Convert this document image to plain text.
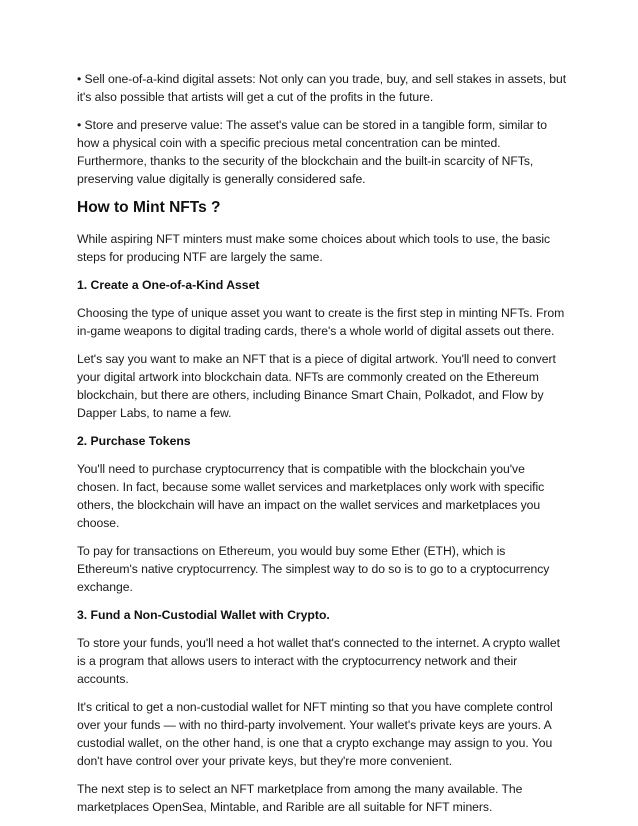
• Sell one-of-a-kind digital assets: Not only can you trade, buy, and sell stakes in assets, but it's also possible that artists will get a cut of the profits in the future.

• Store and preserve value: The asset's value can be stored in a tangible form, similar to how a physical coin with a specific precious metal concentration can be minted. Furthermore, thanks to the security of the blockchain and the built-in scarcity of NFTs, preserving value digitally is generally considered safe.

How to Mint NFTs ?

While aspiring NFT minters must make some choices about which tools to use, the basic steps for producing NTF are largely the same.

1. Create a One-of-a-Kind Asset

Choosing the type of unique asset you want to create is the first step in minting NFTs. From in-game weapons to digital trading cards, there's a whole world of digital assets out there.

Let's say you want to make an NFT that is a piece of digital artwork. You'll need to convert your digital artwork into blockchain data. NFTs are commonly created on the Ethereum blockchain, but there are others, including Binance Smart Chain, Polkadot, and Flow by Dapper Labs, to name a few.

2. Purchase Tokens

You'll need to purchase cryptocurrency that is compatible with the blockchain you've chosen. In fact, because some wallet services and marketplaces only work with specific others, the blockchain will have an impact on the wallet services and marketplaces you choose.

To pay for transactions on Ethereum, you would buy some Ether (ETH), which is Ethereum's native cryptocurrency. The simplest way to do so is to go to a cryptocurrency exchange.

3. Fund a Non-Custodial Wallet with Crypto.

To store your funds, you'll need a hot wallet that's connected to the internet. A crypto wallet is a program that allows users to interact with the cryptocurrency network and their accounts.

It's critical to get a non-custodial wallet for NFT minting so that you have complete control over your funds — with no third-party involvement. Your wallet's private keys are yours. A custodial wallet, on the other hand, is one that a crypto exchange may assign to you. You don't have control over your private keys, but they're more convenient.

The next step is to select an NFT marketplace from among the many available. The marketplaces OpenSea, Mintable, and Rarible are all suitable for NFT miners.
